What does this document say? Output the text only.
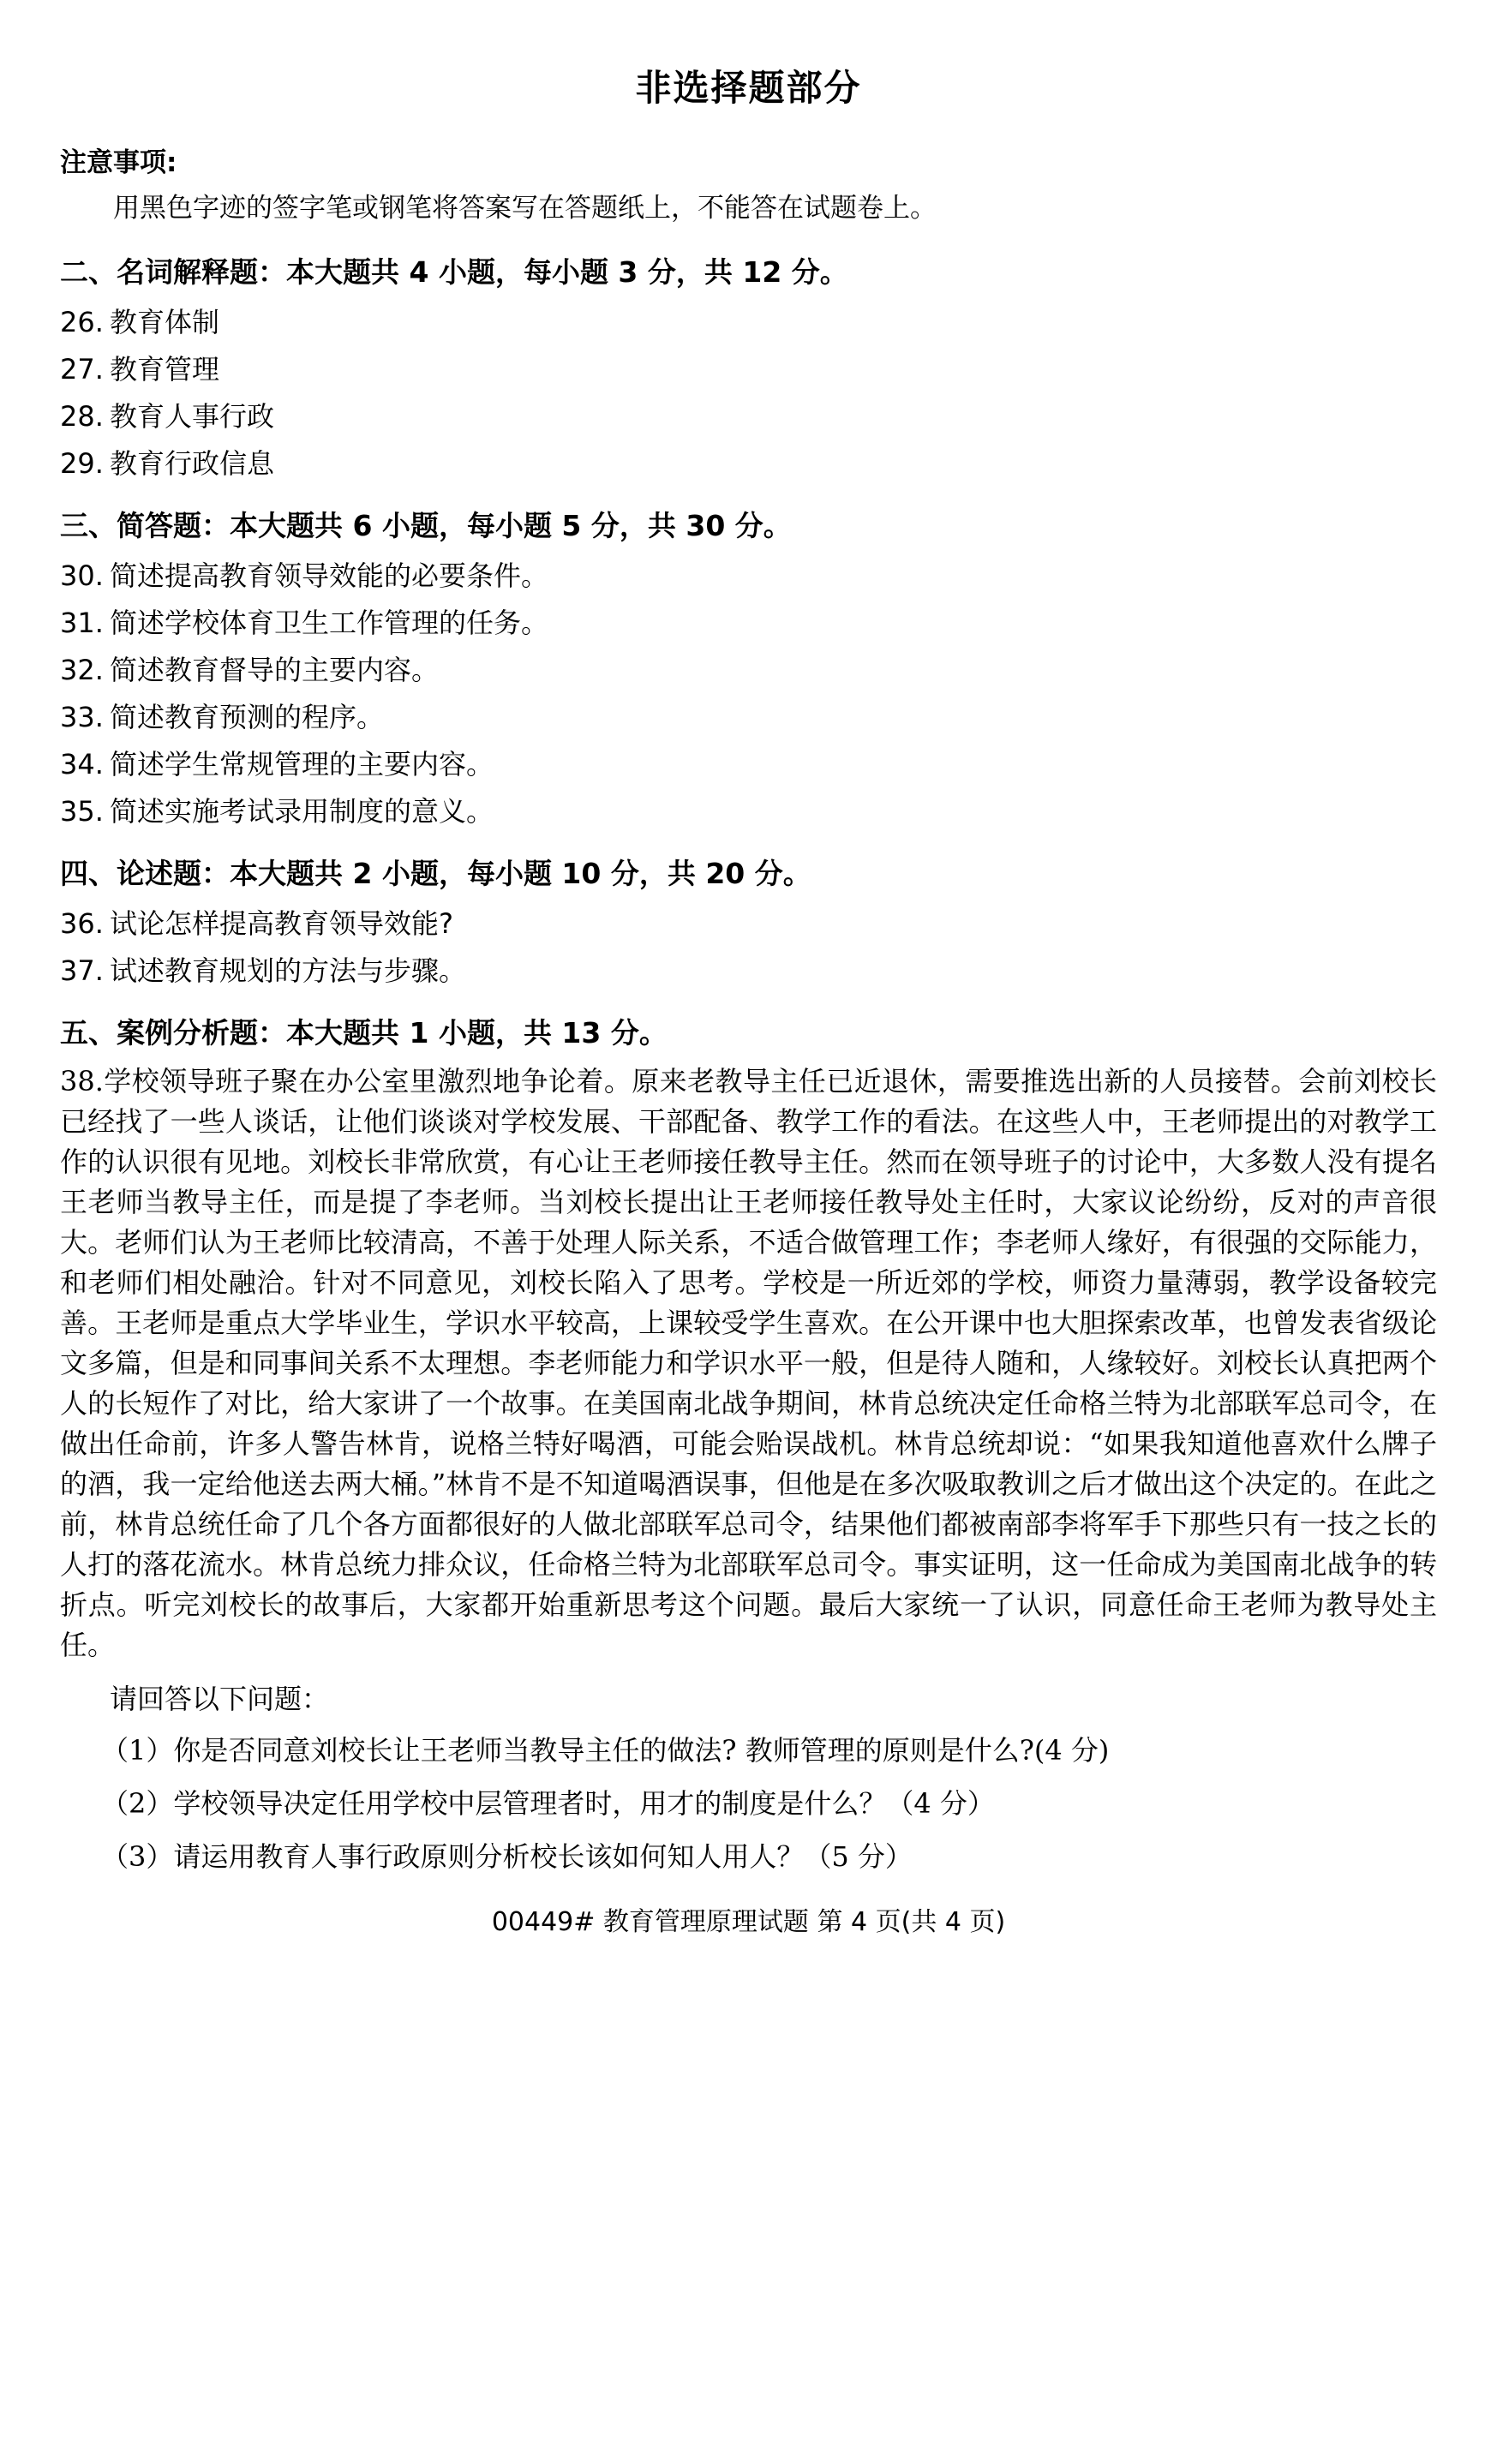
非选择题部分
注意事项:
用黑色字迹的签字笔或钢笔将答案写在答题纸上，不能答在试题卷上。
二、名词解释题：本大题共 4 小题，每小题 3 分，共 12 分。
26. 教育体制
27. 教育管理
28. 教育人事行政
29. 教育行政信息
三、简答题：本大题共 6 小题，每小题 5 分，共 30 分。
30. 简述提高教育领导效能的必要条件。
31. 简述学校体育卫生工作管理的任务。
32. 简述教育督导的主要内容。
33. 简述教育预测的程序。
34. 简述学生常规管理的主要内容。
35. 简述实施考试录用制度的意义。
四、论述题：本大题共 2 小题，每小题 10 分，共 20 分。
36. 试论怎样提高教育领导效能?
37. 试述教育规划的方法与步骤。
五、案例分析题：本大题共 1 小题，共 13 分。
38.学校领导班子聚在办公室里激烈地争论着。原来老教导主任已近退休，需要推选出新的人员接替。会前刘校长已经找了一些人谈话，让他们谈谈对学校发展、干部配备、教学工作的看法。在这些人中，王老师提出的对教学工作的认识很有见地。刘校长非常欣赏，有心让王老师接任教导主任。然而在领导班子的讨论中，大多数人没有提名王老师当教导主任，而是提了李老师。当刘校长提出让王老师接任教导处主任时，大家议论纷纷，反对的声音很大。老师们认为王老师比较清高，不善于处理人际关系，不适合做管理工作；李老师人缘好，有很强的交际能力，和老师们相处融洽。针对不同意见，刘校长陷入了思考。学校是一所近郊的学校，师资力量薄弱，教学设备较完善。王老师是重点大学毕业生，学识水平较高，上课较受学生喜欢。在公开课中也大胆探索改革，也曾发表省级论文多篇，但是和同事间关系不太理想。李老师能力和学识水平一般，但是待人随和，人缘较好。刘校长认真把两个人的长短作了对比，给大家讲了一个故事。在美国南北战争期间，林肯总统决定任命格兰特为北部联军总司令，在做出任命前，许多人警告林肯，说格兰特好喝酒，可能会贻误战机。林肯总统却说：“如果我知道他喜欢什么牌子的酒，我一定给他送去两大桶。”林肯不是不知道喝酒误事，但他是在多次吸取教训之后才做出这个决定的。在此之前，林肯总统任命了几个各方面都很好的人做北部联军总司令，结果他们都被南部李将军手下那些只有一技之长的人打的落花流水。林肯总统力排众议，任命格兰特为北部联军总司令。事实证明，这一任命成为美国南北战争的转折点。听完刘校长的故事后，大家都开始重新思考这个问题。最后大家统一了认识，同意任命王老师为教导处主任。
请回答以下问题：
（1）你是否同意刘校长让王老师当教导主任的做法? 教师管理的原则是什么?(4 分)
（2）学校领导决定任用学校中层管理者时，用才的制度是什么？（4 分）
（3）请运用教育人事行政原则分析校长该如何知人用人？（5 分）
00449# 教育管理原理试题 第 4 页(共 4 页)
